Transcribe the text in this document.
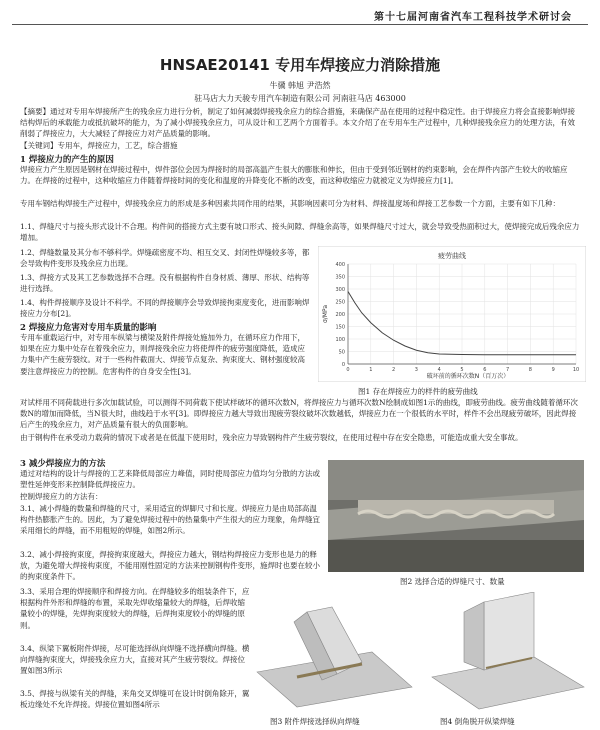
第十七届河南省汽车工程科技学术研讨会
HNSAE20141 专用车焊接应力消除措施
牛骥 韩旭 尹浩然
驻马店大力天骏专用汽车制造有限公司 河南驻马店 463000

【摘要】通过对专用车焊接所产生的残余应力进行分析，制定了如何减弱焊接残余应力的综合措施，来确保产品在使用的过程中稳定性。由于焊接应力将会直接影响焊接结构焊后的承载能力或抵抗破坏的能力，为了减小焊接残余应力，可从设计和工艺两个方面着手。本文介绍了在专用车生产过程中，几种焊接残余应力的处理方法，有效削弱了焊接应力，大大减轻了焊接应力对产品质量的影响。

【关键词】专用车，焊接应力，工艺，综合措施

1 焊接应力的产生的原因

焊接应力产生原因是钢材在焊接过程中，焊件部位会因为焊接时的局部高温产生很大的膨胀和伸长，但由于受到邻近钢材的约束影响，会在焊件内部产生较大的收缩应力。在焊接的过程中，这种收缩应力伴随着焊接时间的变化和温度的升降变化不断的改变，而这种收缩应力就被定义为焊接应力[1]。

专用车钢结构焊接生产过程中，焊接残余应力的形成是多种因素共同作用的结果，其影响因素可分为材料、焊接温度场和焊接工艺参数一个方面，主要有如下几种：

1.1、焊缝尺寸与接头形式设计不合理。构件间的搭接方式主要有坡口形式、接头间隙、焊缝余高等，如果焊缝尺寸过大，就会导致受热面积过大，使焊接完成后残余应力增加。

1.2、焊缝数量及其分布不够科学。焊缝疏密度不均、相互交叉、封闭性焊缝较多等，都会导致构件变形及残余应力出现。

1.3、焊接方式及其工艺参数选择不合理。没有根据构件自身材质、薄厚、形状、结构等进行选择。

1.4、构件焊接顺序及设计不科学。不同的焊接顺序会导致焊接拘束度变化，进而影响焊接应力分布[2]。

2 焊接应力危害对专用车质量的影响

专用车重载运行中，对专用车纵梁与横梁及附件焊接处施加外力，在循环应力作用下，如果在应力集中处存在着残余应力，则焊接残余应力将使焊件的疲劳强度降低，造成应力集中产生疲劳裂纹。对于一些构件截面大、焊接节点复杂、拘束度大、钢材强度较高要注意焊接应力的控制。危害构件的自身安全性[3]。

疲劳曲线
σ/MPa
破坏前的循环次数N（百万次）
0
50
100
150
200
250
300
350
400
0	1	2	3	4	5	6	7	8	9	10
图1 存在焊接应力的样件的疲劳曲线

对试样用不同荷载进行多次加载试验，可以测得不同荷载下使试样破坏的循环次数N，将焊接应力与循环次数N绘制成如图1示的曲线，即疲劳曲线。疲劳曲线随着循环次数N的增加而降低，当N很大时，曲线趋于水平[3]。即焊接应力越大导致出现疲劳裂纹破坏次数越低，焊接应力在一个很低的水平时，样件不会出现疲劳破坏，因此焊接后产生的残余应力，对产品质量有很大的负面影响。

由于钢构件在承受动力载荷的情况下或者是在低温下使用时，残余应力导致钢构件产生疲劳裂纹，在使用过程中存在安全隐患，可能造成重大安全事故。

3 减少焊接应力的方法

通过对结构的设计与焊接的工艺来降低局部应力峰值，同时使局部应力值均匀分散的方法或塑性延伸变形来控制降低焊接应力。

控制焊接应力的方法有：

3.1、减小焊缝的数量和焊缝的尺寸，采用适宜的焊脚尺寸和长度。焊接应力是由局部高温构件热膨胀产生的。因此，为了避免焊接过程中的热量集中产生很大的应力现象，角焊缝宜采用细长的焊缝，而不用粗短的焊缝，如图2所示。

3.2、减小焊接拘束度，焊接拘束度越大，焊接应力越大，钢结构焊接应力变形也是力的释放，为避免增大焊接构束度，不能用刚性固定的方法来控制钢构件变形，施焊时也要在较小的拘束度条件下。

图2 选择合适的焊缝尺寸、数量

3.3、采用合理的焊接顺序和焊接方向。在焊缝较多的组装条件下，应根据构件外形和焊缝的布置，采取先焊收缩量较大的焊缝，后焊收缩量较小的焊缝，先焊拘束度较大的焊缝，后焊拘束度较小的焊缝的原则。

3.4、纵梁下翼板附件焊接，尽可能选择纵向焊缝不选择横向焊缝。横向焊缝拘束度大，焊接残余应力大，直接对其产生疲劳裂纹。焊接位置如图3所示

3.5、焊接与纵梁有关的焊缝，来角交叉焊缝可在设计时倒角除开，翼板边缘处不允许焊接。焊接位置如图4所示

图3 附件焊接选择纵向焊缝	图4 倒角脱开纵梁焊缝
